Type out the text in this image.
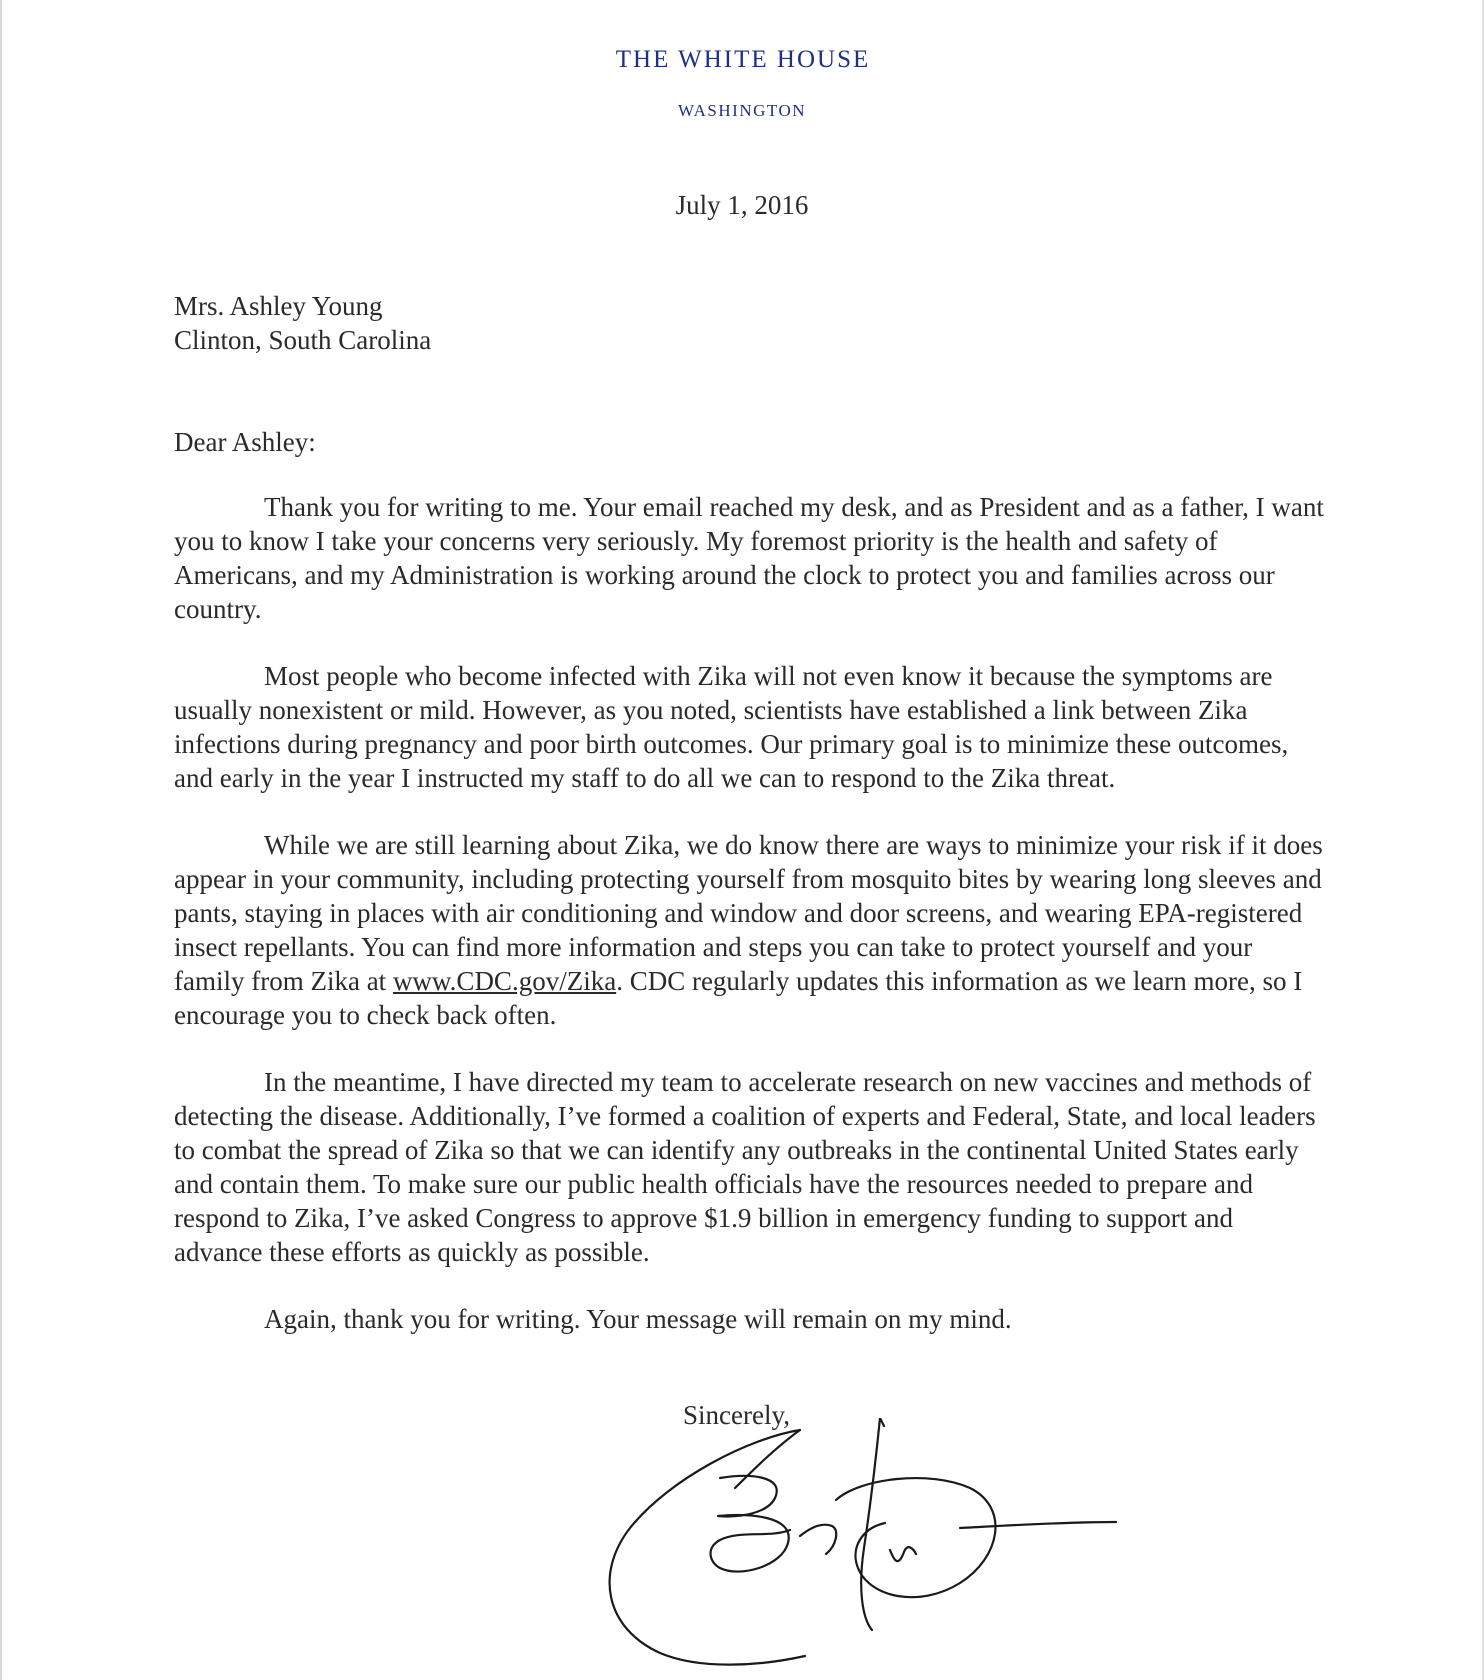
THE WHITE HOUSE
WASHINGTON
July 1, 2016
Mrs. Ashley Young
Clinton, South Carolina
Dear Ashley:

Thank you for writing to me. Your email reached my desk, and as President and as a father, I want you to know I take your concerns very seriously. My foremost priority is the health and safety of Americans, and my Administration is working around the clock to protect you and families across our country.

Most people who become infected with Zika will not even know it because the symptoms are usually nonexistent or mild. However, as you noted, scientists have established a link between Zika infections during pregnancy and poor birth outcomes. Our primary goal is to minimize these outcomes, and early in the year I instructed my staff to do all we can to respond to the Zika threat.

While we are still learning about Zika, we do know there are ways to minimize your risk if it does appear in your community, including protecting yourself from mosquito bites by wearing long sleeves and pants, staying in places with air conditioning and window and door screens, and wearing EPA-registered insect repellants. You can find more information and steps you can take to protect yourself and your family from Zika at www.CDC.gov/Zika. CDC regularly updates this information as we learn more, so I encourage you to check back often.

In the meantime, I have directed my team to accelerate research on new vaccines and methods of detecting the disease. Additionally, I’ve formed a coalition of experts and Federal, State, and local leaders to combat the spread of Zika so that we can identify any outbreaks in the continental United States early and contain them. To make sure our public health officials have the resources needed to prepare and respond to Zika, I’ve asked Congress to approve $1.9 billion in emergency funding to support and advance these efforts as quickly as possible.

Again, thank you for writing. Your message will remain on my mind.

Sincerely,
